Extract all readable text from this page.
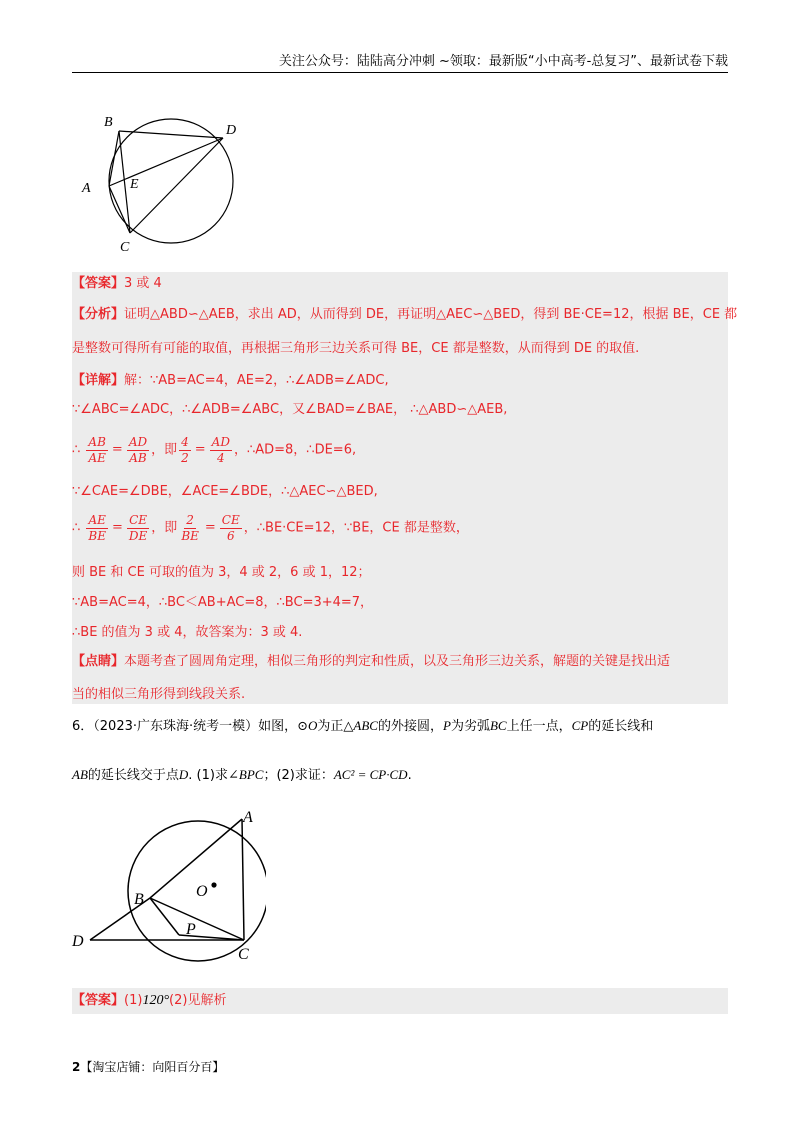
关注公众号：陆陆高分冲刺 ~领取：最新版“小中高考-总复习”、最新试卷下载
B
D
A	E
C
【答案】3 或 4
【分析】证明△ABD∽△AEB，求出 AD，从而得到 DE，再证明△AEC∽△BED，得到 BE·CE=12，根据 BE，CE 都
是整数可得所有可能的取值，再根据三角形三边关系可得 BE，CE 都是整数，从而得到 DE 的取值.
【详解】解：∵AB=AC=4，AE=2，∴∠ADB=∠ADC,
∵∠ABC=∠ADC，∴∠ADB=∠ABC，又∠BAD=∠BAE， ∴△ABD∽△AEB,
∴ $\frac{AB}{AE} = \frac{AD}{AB}$ ，即 $\frac{4}{2} = \frac{AD}{4}$ ，∴AD=8，∴DE=6,
∵∠CAE=∠DBE，∠ACE=∠BDE，∴△AEC∽△BED,
∴ $\frac{AE}{BE} = \frac{CE}{DE}$ ，即 $\frac{2}{BE} = \frac{CE}{6}$ ，∴BE·CE=12，∵BE，CE 都是整数，
则 BE 和 CE 可取的值为 3，4 或 2，6 或 1，12；
∵AB=AC=4，∴BC＜AB+AC=8，∴BC=3+4=7，
∴BE 的值为 3 或 4，故答案为：3 或 4.
【点睛】本题考查了圆周角定理，相似三角形的判定和性质，以及三角形三边关系，解题的关键是找出适
当的相似三角形得到线段关系.
6．（2023·广东珠海·统考一模）如图，⊙O为正△ABC的外接圆，P为劣弧BC上任一点，CP的延长线和
AB的延长线交于点D. (1)求∠BPC；(2)求证：AC² = CP·CD.
A
O
B
P
C
D
【答案】(1)120°(2)见解析
2【淘宝店铺：向阳百分百】
